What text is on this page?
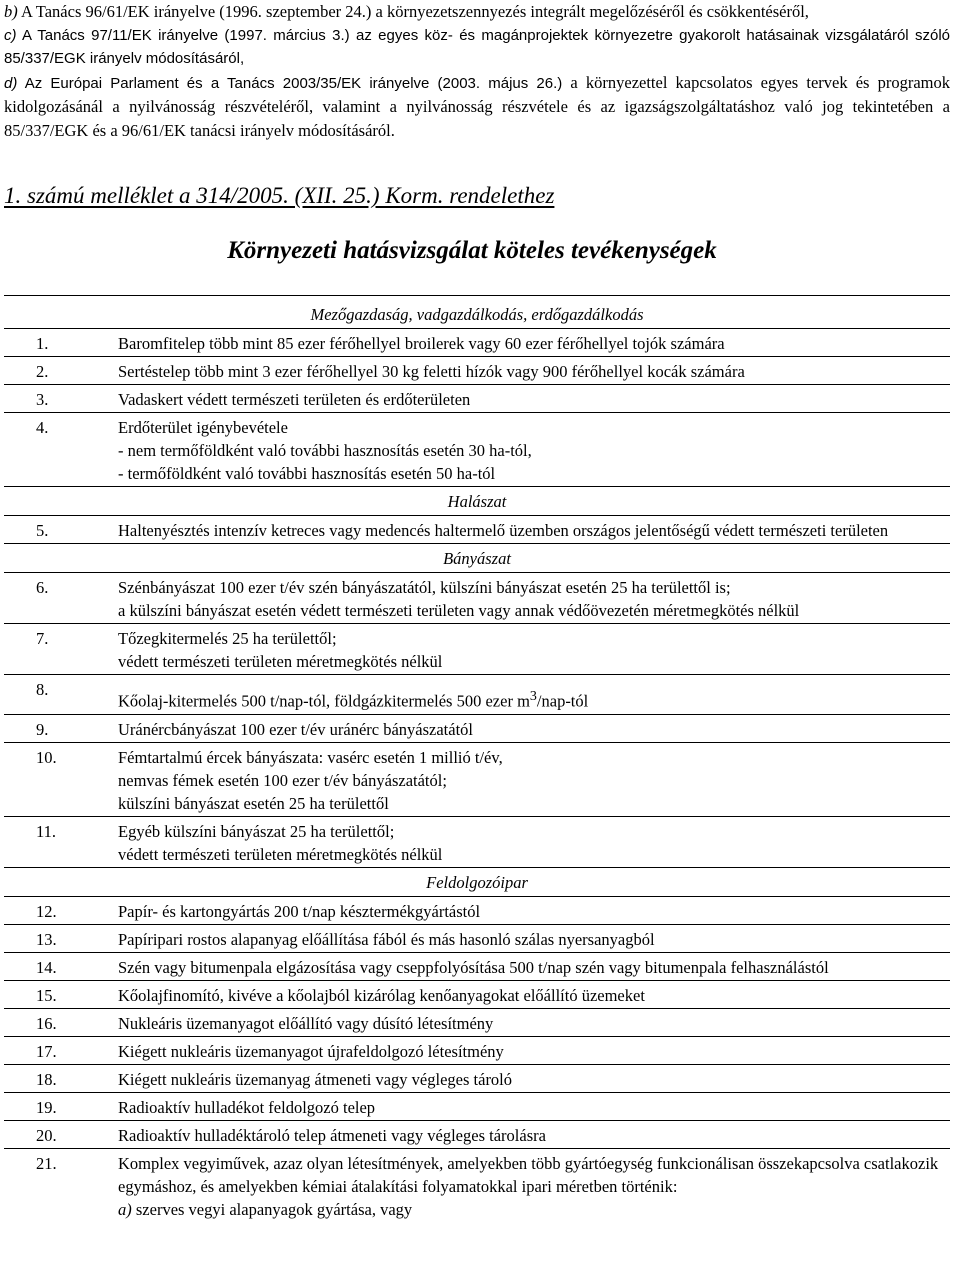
b) A Tanács 96/61/EK irányelve (1996. szeptember 24.) a környezetszennyezés integrált megelőzéséről és csökkentéséről,

c) A Tanács 97/11/EK irányelve (1997. március 3.) az egyes köz- és magánprojektek környezetre gyakorolt hatásainak vizsgálatáról szóló 85/337/EGK irányelv módosításáról,

d) Az Európai Parlament és a Tanács 2003/35/EK irányelve (2003. május 26.) a környezettel kapcsolatos egyes tervek és programok kidolgozásánál a nyilvánosság részvételéről, valamint a nyilvánosság részvétele és az igazságszolgáltatáshoz való jog tekintetében a 85/337/EGK és a 96/61/EK tanácsi irányelv módosításáról.

1. számú melléklet a 314/2005. (XII. 25.) Korm. rendelethez
Környezeti hatásvizsgálat köteles tevékenységek
Mezőgazdaság, vadgazdálkodás, erdőgazdálkodás	
1.	Baromfitelep több mint 85 ezer férőhellyel broilerek vagy 60 ezer férőhellyel tojók számára

2.	Sertéstelep több mint 3 ezer férőhellyel 30 kg feletti hízók vagy 900 férőhellyel kocák számára

3.	Vadaskert védett természeti területen és erdőterületen

4.	Erdőterület igénybevétele
- nem termőföldként való további hasznosítás esetén 30 ha-tól,
- termőföldként való további hasznosítás esetén 50 ha-tól

Halászat	
5.	Haltenyésztés intenzív ketreces vagy medencés haltermelő üzemben országos jelentőségű védett természeti területen

Bányászat	
6.	Szénbányászat 100 ezer t/év szén bányászatától, külszíni bányászat esetén 25 ha területtől is;
a külszíni bányászat esetén védett természeti területen vagy annak védőövezetén méretmegkötés nélkül

7.	Tőzegkitermelés 25 ha területtől;
védett természeti területen méretmegkötés nélkül

8.	Kőolaj-kitermelés 500 t/nap-tól, földgázkitermelés 500 ezer $m^3/nap$-tól

9.	Uránércbányászat 100 ezer t/év uránérc bányászatától

10.	Fémtartalmú ércek bányászata: vasérc esetén 1 millió t/év,
nemvas fémek esetén 100 ezer t/év bányászatától;
külszíni bányászat esetén 25 ha területtől

11.	Egyéb külszíni bányászat 25 ha területtől;
védett természeti területen méretmegkötés nélkül

Feldolgozóipar	
12.	Papír- és kartongyártás 200 t/nap késztermékgyártástól

13.	Papíripari rostos alapanyag előállítása fából és más hasonló szálas nyersanyagból

14.	Szén vagy bitumenpala elgázosítása vagy cseppfolyósítása 500 t/nap szén vagy bitumenpala felhasználástól

15.	Kőolajfinomító, kivéve a kőolajból kizárólag kenőanyagokat előállító üzemeket

16.	Nukleáris üzemanyagot előállító vagy dúsító létesítmény

17.	Kiégett nukleáris üzemanyagot újrafeldolgozó létesítmény

18.	Kiégett nukleáris üzemanyag átmeneti vagy végleges tároló

19.	Radioaktív hulladékot feldolgozó telep

20.	Radioaktív hulladéktároló telep átmeneti vagy végleges tárolásra

21.	Komplex vegyiművek, azaz olyan létesítmények, amelyekben több gyártóegység funkcionálisan összekapcsolva csatlakozik egymáshoz, és amelyekben kémiai átalakítási folyamatokkal ipari méretben történik:
a) szerves vegyi alapanyagok gyártása, vagy
